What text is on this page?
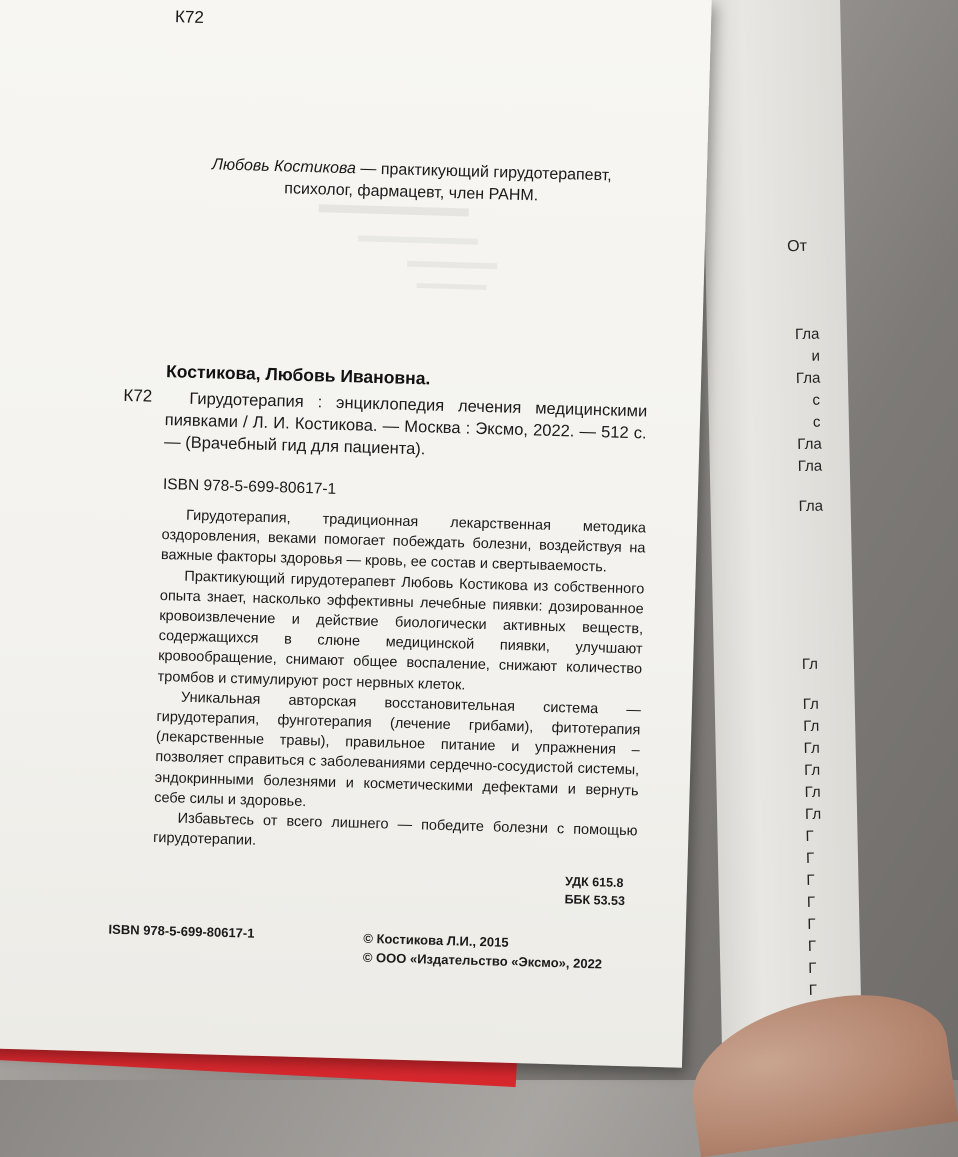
От
Гла
и
Гла
с
с
Гла
Гла
Гла
Гл
Гл
Гл
Гл
Гл
Гл
Гл
Г
Г
Г
Г
Г
Г
Г
Г

К72
Любовь Костикова — практикующий гирудотерапевт,
психолог, фармацевт, член РАНМ.
Костикова, Любовь Ивановна.
К72	Гирудотерапия : энциклопедия лечения медицинскими пиявками / Л. И. Костикова. — Москва : Эксмо, 2022. — 512 с. — (Врачебный гид для пациента).
ISBN 978-5-699-80617-1

Гирудотерапия, традиционная лекарственная методика оздоровления, веками помогает побеждать болезни, воздействуя на важные факторы здоровья — кровь, ее состав и свертываемость.

Практикующий гирудотерапевт Любовь Костикова из собственного опыта знает, насколько эффективны лечебные пиявки: дозированное кровоизвлечение и действие биологически активных веществ, содержащихся в слюне медицинской пиявки, улучшают кровообращение, снимают общее воспаление, снижают количество тромбов и стимулируют рост нервных клеток.

Уникальная авторская восстановительная система — гирудотерапия, фунготерапия (лечение грибами), фитотерапия (лекарственные травы), правильное питание и упражнения – позволяет справиться с заболеваниями сердечно-сосудистой системы, эндокринными болезнями и косметическими дефектами и вернуть себе силы и здоровье.

Избавьтесь от всего лишнего — победите болезни с помощью гирудотерапии.

УДК 615.8
ББК 53.53
ISBN 978-5-699-80617-1	© Костикова Л.И., 2015
© ООО «Издательство «Эксмо», 2022
